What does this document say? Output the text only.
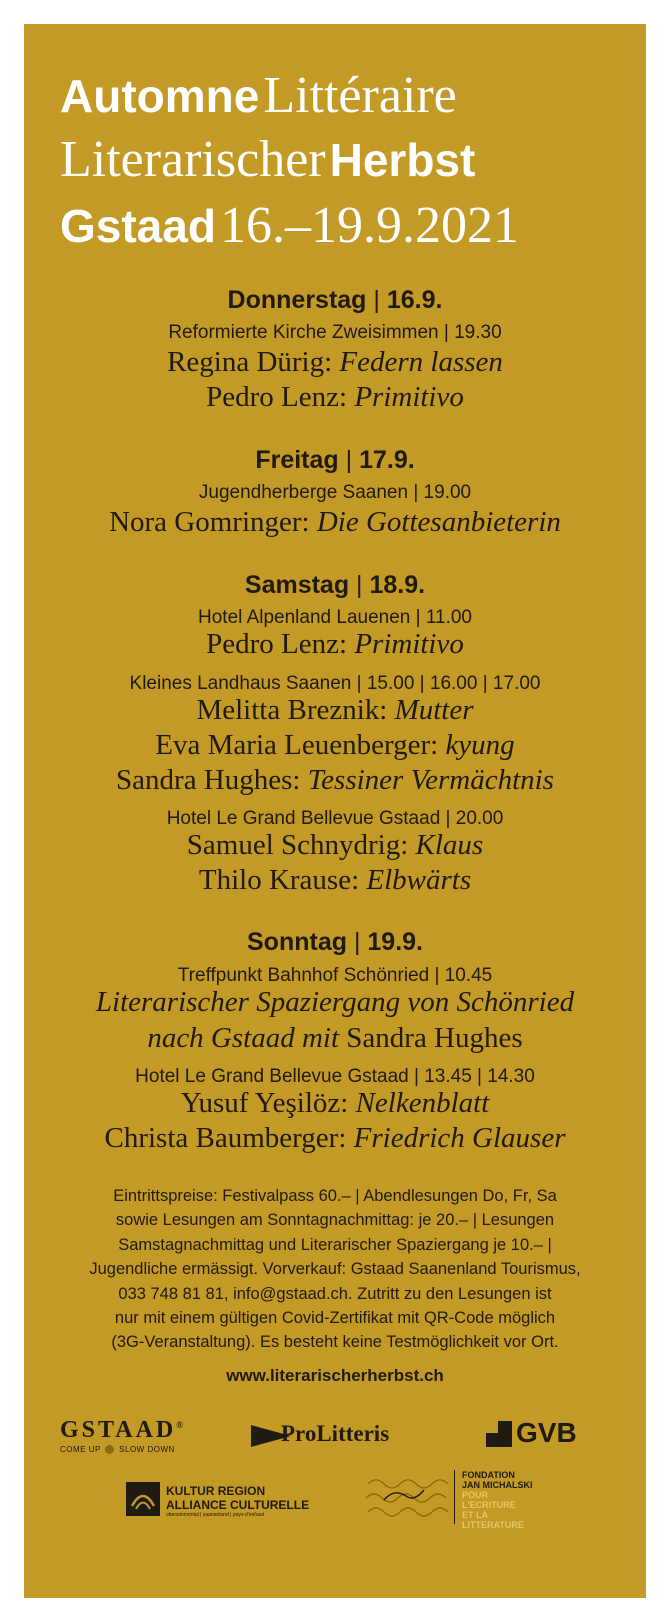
Automne Littéraire
Literarischer Herbst
Gstaad 16.–19.9.2021
Donnerstag | 16.9.
Reformierte Kirche Zweisimmen | 19.30
Regina Dürig: Federn lassen
Pedro Lenz: Primitivo
Freitag | 17.9.
Jugendherberge Saanen | 19.00
Nora Gomringer: Die Gottesanbieterin
Samstag | 18.9.
Hotel Alpenland Lauenen | 11.00
Pedro Lenz: Primitivo
Kleines Landhaus Saanen | 15.00 | 16.00 | 17.00
Melitta Breznik: Mutter
Eva Maria Leuenberger: kyung
Sandra Hughes: Tessiner Vermächtnis
Hotel Le Grand Bellevue Gstaad | 20.00
Samuel Schnydrig: Klaus
Thilo Krause: Elbwärts
Sonntag | 19.9.
Treffpunkt Bahnhof Schönried | 10.45
Literarischer Spaziergang von Schönried
nach Gstaad mit Sandra Hughes
Hotel Le Grand Bellevue Gstaad | 13.45 | 14.30
Yusuf Yeşilöz: Nelkenblatt
Christa Baumberger: Friedrich Glauser
Eintrittspreise: Festivalpass 60.– | Abendlesungen Do, Fr, Sa
sowie Lesungen am Sonntagnachmittag: je 20.– | Lesungen
Samstagnachmittag und Literarischer Spaziergang je 10.– |
Jugendliche ermässigt. Vorverkauf: Gstaad Saanenland Tourismus,
033 748 81 81, info@gstaad.ch. Zutritt zu den Lesungen ist
nur mit einem gültigen Covid-Zertifikat mit QR-Code möglich
(3G-Veranstaltung). Es besteht keine Testmöglichkeit vor Ort.
www.literarischerherbst.ch
GSTAAD®
COME UP SLOW DOWN
ProLitteris	GVB
KULTUR REGION
ALLIANCE CULTURELLE
obersimmental | saanenland | pays-d'enhaut
FONDATION
JAN MICHALSKI
POUR
L'ECRITURE
ET LA
LITTERATURE
